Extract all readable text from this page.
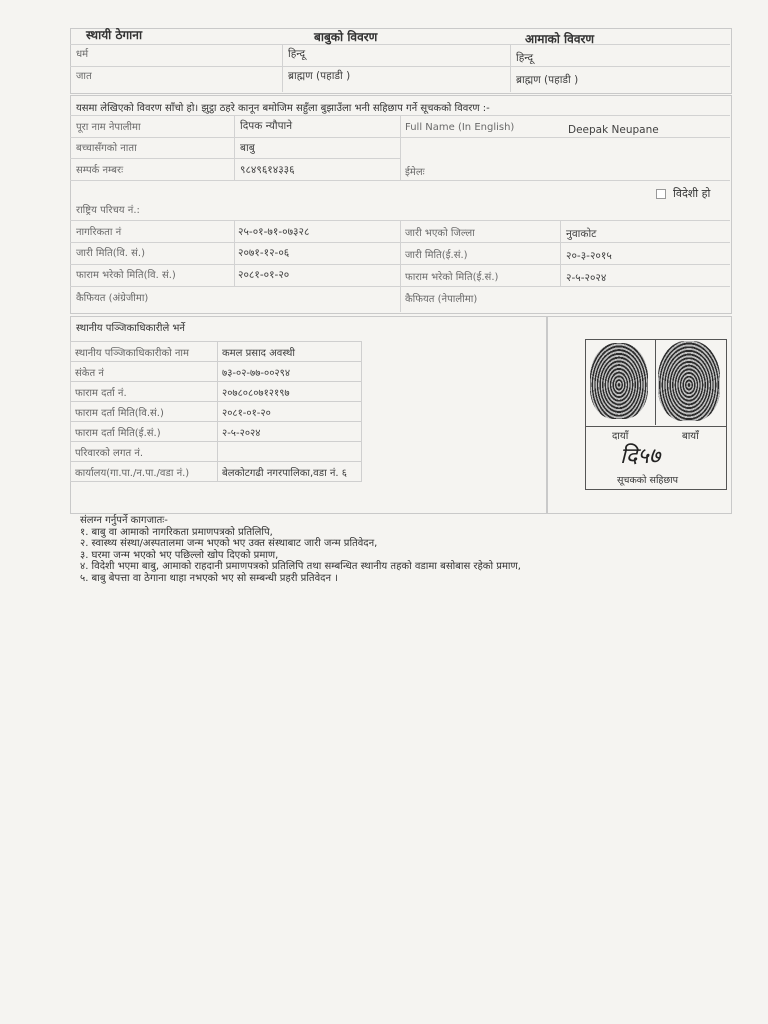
स्थायी ठेगाना	बाबुको विवरण	आमाको विवरण
धर्म	हिन्दू	हिन्दू
जात	ब्राह्मण (पहाडी )	ब्राह्मण (पहाडी )
यसमा लेखिएको विवरण साँचो हो। झुट्ठा ठहरे कानून बमोजिम सहुँला बुझाउँला भनी सहिछाप गर्ने सूचकको विवरण :-
पूरा नाम नेपालीमा	दिपक न्यौपाने	Full Name (In English)	Deepak Neupane
बच्चासँगको नाता	बाबु
सम्पर्क नम्बरः	९८४९६१४३३६	ईमेलः
विदेशी हो
राष्ट्रिय परिचय नं.:
नागरिकता नं	२५-०१-७१-०७३२८	जारी भएको जिल्ला	नुवाकोट
जारी मिति(वि. सं.)	२०७१-१२-०६	जारी मिति(ई.सं.)	२०-३-२०१५
फाराम भरेको मिति(वि. सं.)	२०८१-०१-२०	फाराम भरेको मिति(ई.सं.)	२-५-२०२४
कैफियत (अंग्रेजीमा)	कैफियत (नेपालीमा)
स्थानीय पञ्जिकाधिकारीले भर्ने
स्थानीय पञ्जिकाधिकारीको नाम	कमल प्रसाद अवस्थी
संकेत नं	७३-०२-७७-००२९४
फाराम दर्ता नं.	२०७८०८०७१२१९७
फाराम दर्ता मिति(वि.सं.)	२०८१-०१-२०
फाराम दर्ता मिति(ई.सं.)	२-५-२०२४
परिवारको लगत नं.	
कार्यालय(गा.पा./न.पा./वडा नं.)	बेलकोटगढी नगरपालिका,वडा नं. ६
दायाँ	बायाँ
दि५७
सूचकको सहिछाप
संलग्न गर्नुपर्ने कागजातः-
१. बाबु वा आमाको नागरिकता प्रमाणपत्रको प्रतिलिपि,
२. स्वास्थ्य संस्था/अस्पतालमा जन्म भएको भए उक्त संस्थाबाट जारी जन्म प्रतिवेदन,
३. घरमा जन्म भएको भए पछिल्लो खोप दिएको प्रमाण,
४. विदेशी भएमा बाबु, आमाको राहदानी प्रमाणपत्रको प्रतिलिपि तथा सम्बन्धित स्थानीय तहको वडामा बसोबास रहेको प्रमाण,
५. बाबु बेपत्ता वा ठेगाना थाहा नभएको भए सो सम्बन्धी प्रहरी प्रतिवेदन ।
